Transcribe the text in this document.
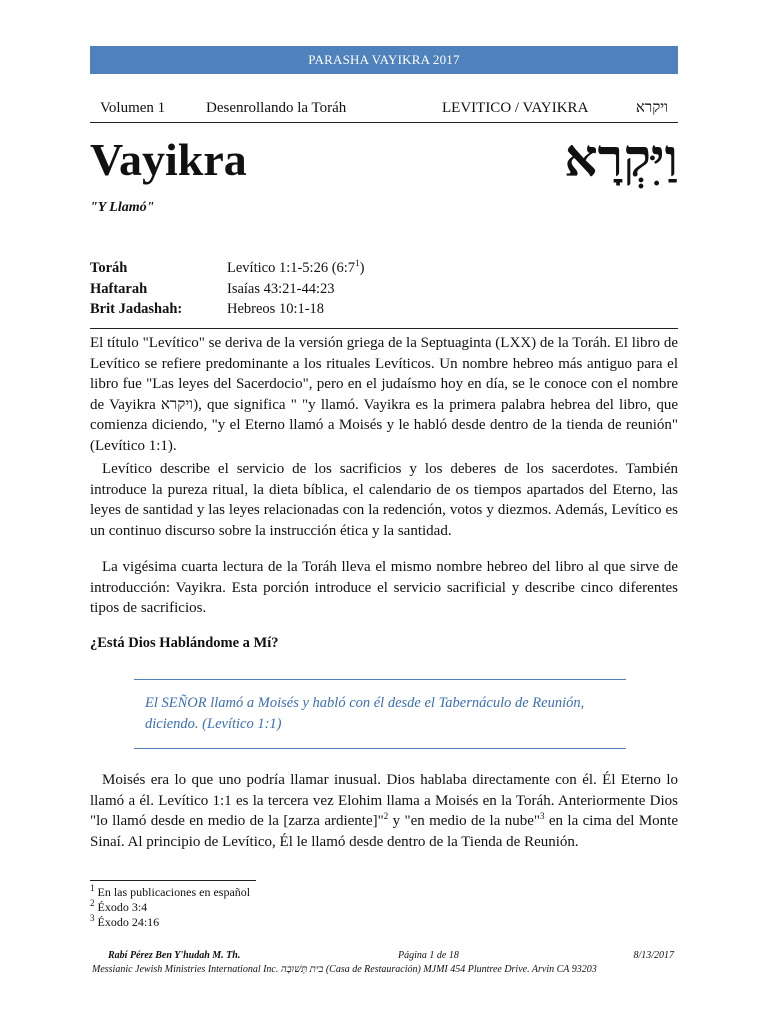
PARASHA VAYIKRA 2017
Volumen 1	Desenrollando la Toráh	LEVITICO / VAYIKRA	ויקרא
Vayikra	וַיִּקְרָא
"Y Llamó"
Toráh	Levítico 1:1-5:26 $(6:7^1)$
Haftarah	Isaías 43:21-44:23
Brit Jadashah:	Hebreos 10:1-18
El título "Levítico" se deriva de la versión griega de la Septuaginta (LXX) de la Toráh. El libro de Levítico se refiere predominante a los rituales Levíticos. Un nombre hebreo más antiguo para el libro fue "Las leyes del Sacerdocio", pero en el judaísmo hoy en día, se le conoce con el nombre de Vayikra ויקרא), que significa " "y llamó. Vayikra es la primera palabra hebrea del libro, que comienza diciendo, "y el Eterno llamó a Moisés y le habló desde dentro de la tienda de reunión"(Levítico 1:1).
Levítico describe el servicio de los sacrificios y los deberes de los sacerdotes. También introduce la pureza ritual, la dieta bíblica, el calendario de os tiempos apartados del Eterno, las leyes de santidad y las leyes relacionadas con la redención, votos y diezmos. Además, Levítico es un continuo discurso sobre la instrucción ética y la santidad.
La vigésima cuarta lectura de la Toráh lleva el mismo nombre hebreo del libro al que sirve de introducción: Vayikra. Esta porción introduce el servicio sacrificial y describe cinco diferentes tipos de sacrificios.
¿Está Dios Hablándome a Mí?
El SEÑOR llamó a Moisés y habló con él desde el Tabernáculo de Reunión, diciendo. (Levítico 1:1)
Moisés era lo que uno podría llamar inusual. Dios hablaba directamente con él. Él Eterno lo llamó a él. Levítico 1:1 es la tercera vez Elohim llama a Moisés en la Toráh. Anteriormente Dios "lo llamó desde en medio de la [zarza ardiente]"$^2$ y "en medio de la nube"$^3$ en la cima del Monte Sinaí. Al principio de Levítico, Él le llamó desde dentro de la Tienda de Reunión.
$^1$ En las publicaciones en español
$^2$ Éxodo 3:4
$^3$ Éxodo 24:16
Rabí Pérez Ben Y'hudah M. Th.	Página 1 de 18	8/13/2017
Messianic Jewish Ministries International Inc. בית תְּשׁוּבָה (Casa de Restauración) MJMI 454 Pluntree Drive. Arvin CA 93203
